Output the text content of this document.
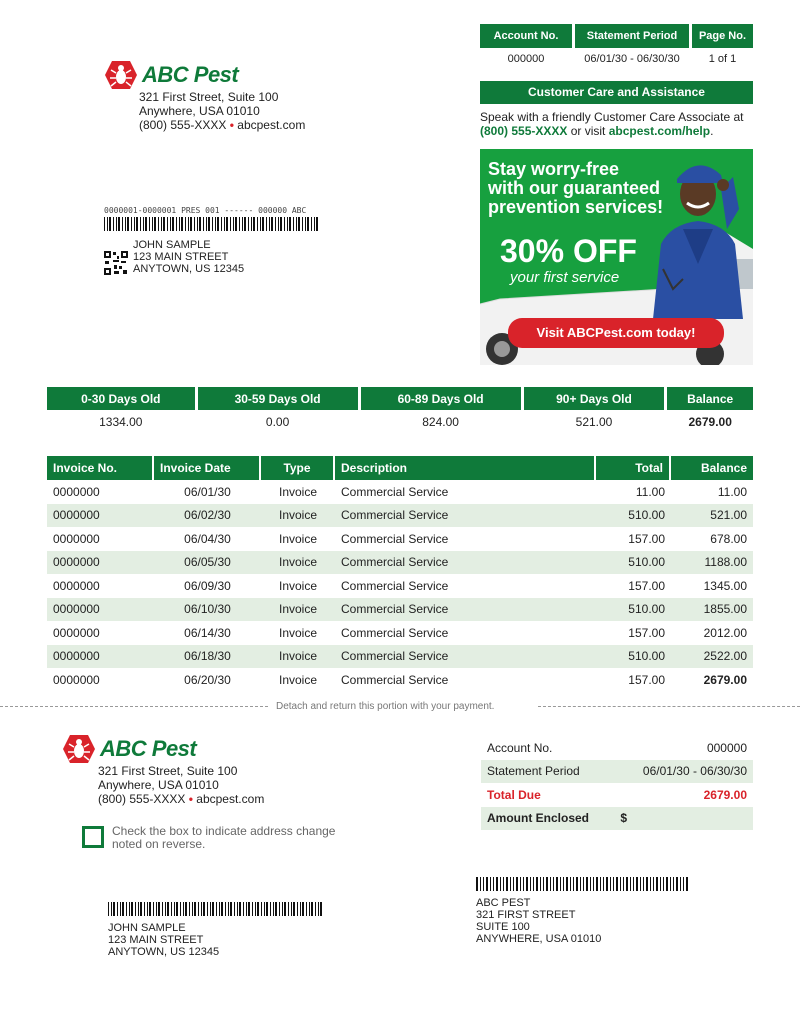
ABC Pest
321 First Street, Suite 100
Anywhere, USA 01010
(800) 555-XXXX • abcpest.com
Account No.	Statement Period	Page No.
000000	06/01/30 - 06/30/30	1 of 1
Customer Care and Assistance
Speak with a friendly Customer Care Associate at
(800) 555-XXXX or visit abcpest.com/help.
Stay worry-free
with our guaranteed
prevention services!
30% OFF
your first service
Visit ABCPest.com today!
0000001-0000001 PRES 001 ------ 000000 ABC
JOHN SAMPLE
123 MAIN STREET
ANYTOWN, US 12345
0-30 Days Old	30-59 Days Old	60-89 Days Old	90+ Days Old	Balance
1334.00	0.00	824.00	521.00	2679.00
Invoice No.	Invoice Date	Type	Description	Total	Balance
0000000	06/01/30	Invoice	Commercial Service	11.00	11.00
0000000	06/02/30	Invoice	Commercial Service	510.00	521.00
0000000	06/04/30	Invoice	Commercial Service	157.00	678.00
0000000	06/05/30	Invoice	Commercial Service	510.00	1188.00
0000000	06/09/30	Invoice	Commercial Service	157.00	1345.00
0000000	06/10/30	Invoice	Commercial Service	510.00	1855.00
0000000	06/14/30	Invoice	Commercial Service	157.00	2012.00
0000000	06/18/30	Invoice	Commercial Service	510.00	2522.00
0000000	06/20/30	Invoice	Commercial Service	157.00	2679.00
Detach and return this portion with your payment.
ABC Pest
321 First Street, Suite 100
Anywhere, USA 01010
(800) 555-XXXX • abcpest.com
Check the box to indicate address change
noted on reverse.
Account No.	000000
Statement Period	06/01/30 - 06/30/30
Total Due	2679.00
Amount Enclosed $	
ABC PEST
321 FIRST STREET
SUITE 100
ANYWHERE, USA 01010
JOHN SAMPLE
123 MAIN STREET
ANYTOWN, US 12345
